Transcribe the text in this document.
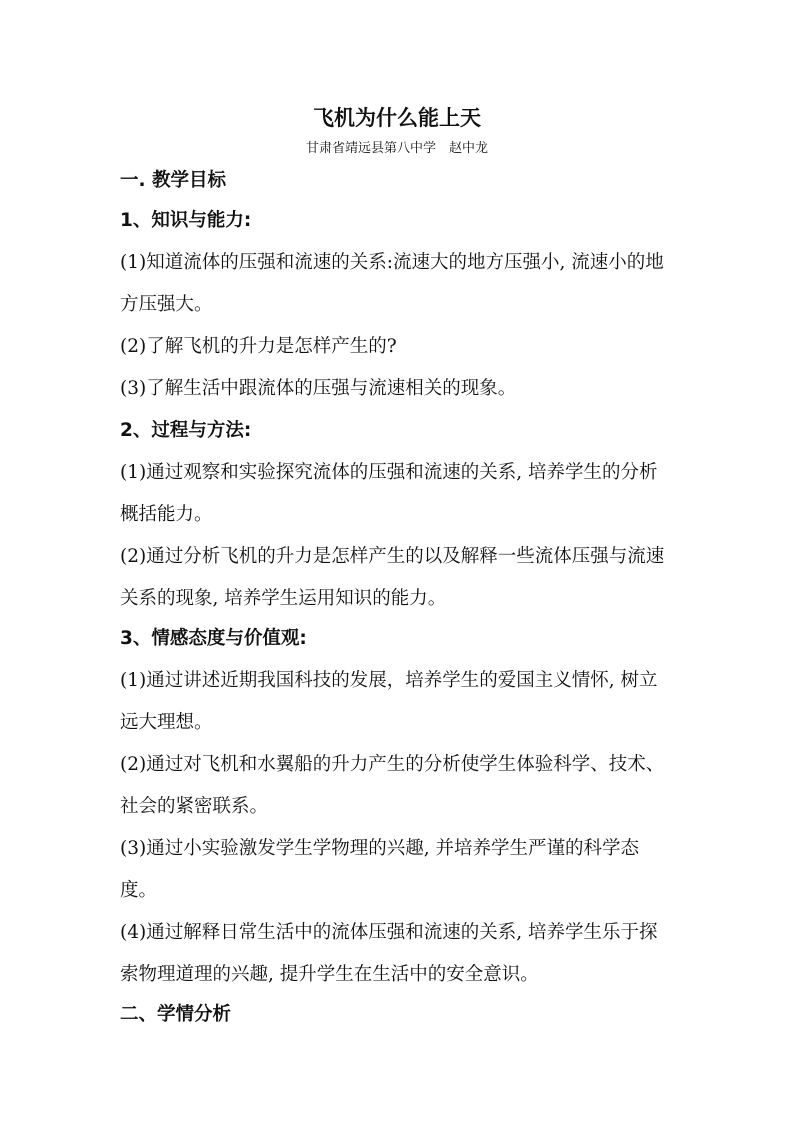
飞机为什么能上天
甘肃省靖远县第八中学　赵中龙
一. 教学目标
1、知识与能力:
(1)知道流体的压强和流速的关系:流速大的地方压强小, 流速小的地
方压强大。
(2)了解飞机的升力是怎样产生的?
(3)了解生活中跟流体的压强与流速相关的现象。
2、过程与方法:
(1)通过观察和实验探究流体的压强和流速的关系, 培养学生的分析
概括能力。
(2)通过分析飞机的升力是怎样产生的以及解释一些流体压强与流速
关系的现象, 培养学生运用知识的能力。
3、情感态度与价值观:
(1)通过讲述近期我国科技的发展，培养学生的爱国主义情怀, 树立
远大理想。
(2)通过对飞机和水翼船的升力产生的分析使学生体验科学、技术、
社会的紧密联系。
(3)通过小实验激发学生学物理的兴趣, 并培养学生严谨的科学态
度。
(4)通过解释日常生活中的流体压强和流速的关系, 培养学生乐于探
索物理道理的兴趣, 提升学生在生活中的安全意识。
二、学情分析
